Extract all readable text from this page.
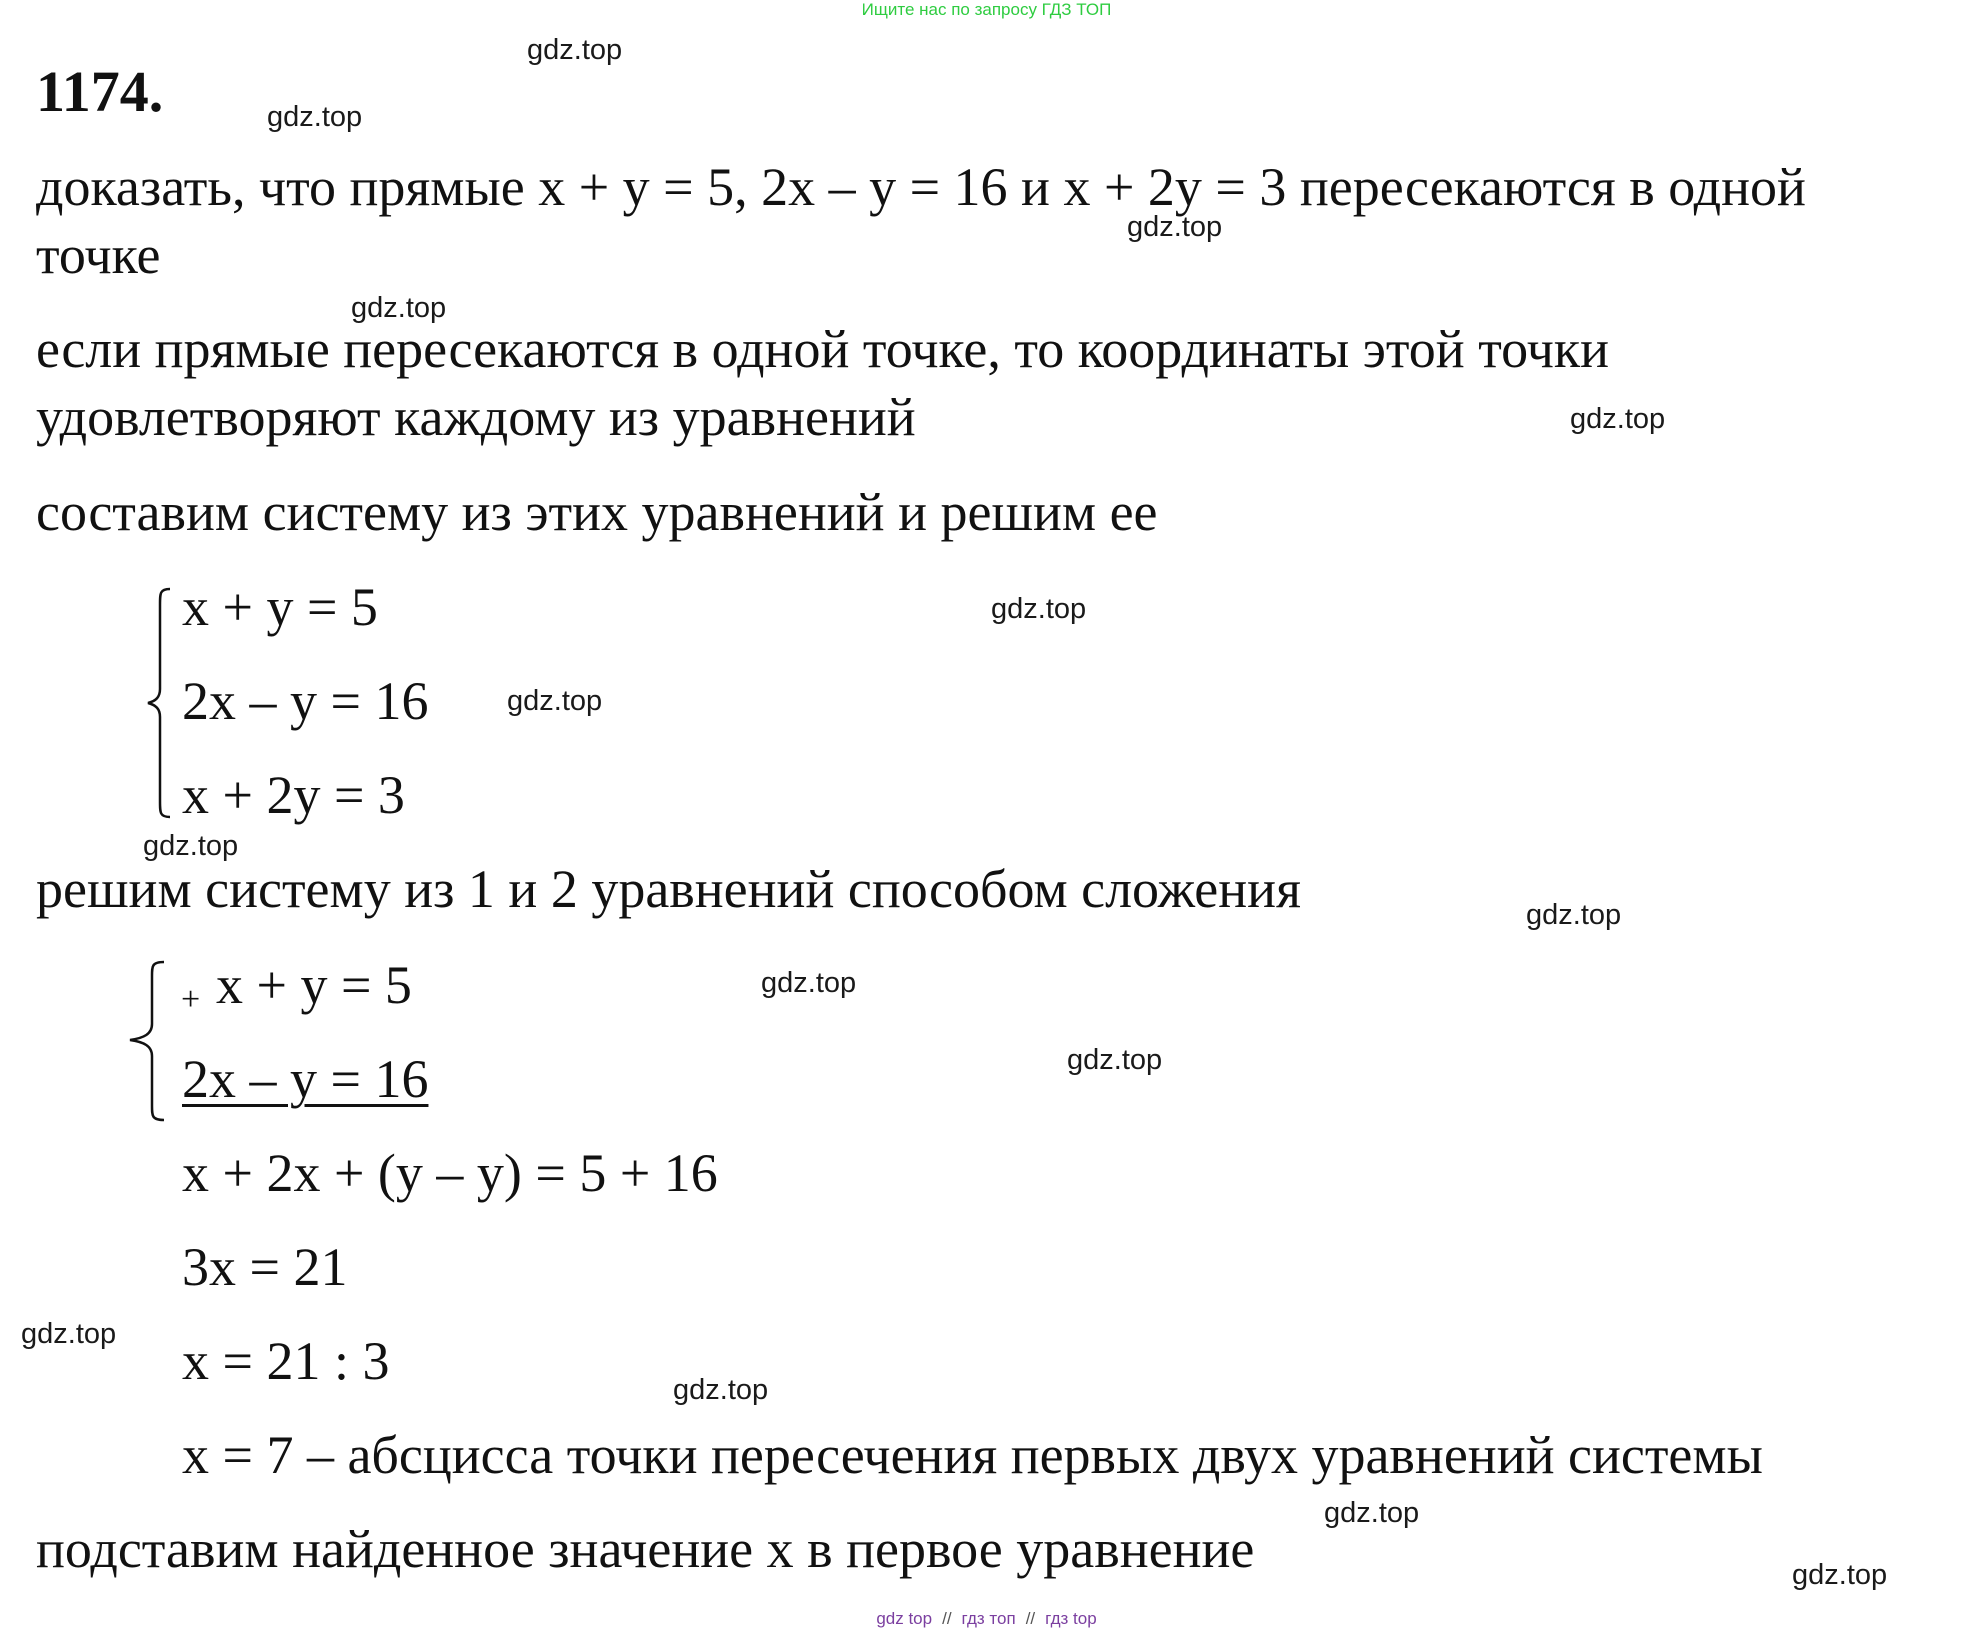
Ищите нас по запросу ГДЗ ТОП
gdz top // гдз топ // гдз top
1174.
доказать, что прямые x + y = 5, 2x – y = 16 и x + 2y = 3 пересекаются в одной
точке
если прямые пересекаются в одной точке, то координаты этой точки
удовлетворяют каждому из уравнений
составим систему из этих уравнений и решим ее
x + y = 5
2x – y = 16
x + 2y = 3
решим систему из 1 и 2 уравнений способом сложения
+ x + y = 5
2x – y = 16
x + 2x + (y – y) = 5 + 16
3x = 21
x = 21 : 3
x = 7 – абсцисса точки пересечения первых двух уравнений системы
подставим найденное значение x в первое уравнение
gdz.top
gdz.top
gdz.top
gdz.top
gdz.top
gdz.top
gdz.top
gdz.top
gdz.top
gdz.top
gdz.top
gdz.top
gdz.top
gdz.top
gdz.top
